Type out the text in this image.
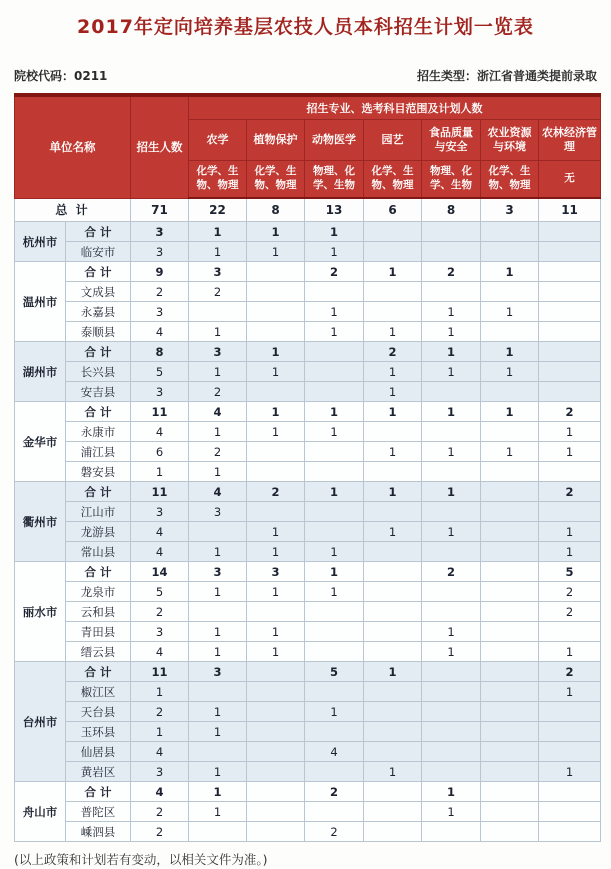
2017年定向培养基层农技人员本科招生计划一览表
院校代码：0211	招生类型：浙江省普通类提前录取
单位名称		招生人数	招生专业、选考科目范围及计划人数						
			农学	植物保护	动物医学	园艺	食品质量与安全	农业资源与环境	农林经济管理
			化学、生物、物理	化学、生物、物理	物理、化学、生物	化学、生物、物理	物理、化学、生物	化学、生物、物理	无
总 计		71	22	8	13	6	8	3	11
杭州市	合 计	3	1	1	1				
	临安市	3	1	1	1				
温州市	合 计	9	3		2	1	2	1	
	文成县	2	2						
	永嘉县	3			1		1	1	
	泰顺县	4	1		1	1	1		
湖州市	合 计	8	3	1		2	1	1	
	长兴县	5	1	1		1	1	1	
	安吉县	3	2			1			
金华市	合 计	11	4	1	1	1	1	1	2
	永康市	4	1	1	1				1
	浦江县	6	2			1	1	1	1
	磐安县	1	1						
衢州市	合 计	11	4	2	1	1	1		2
	江山市	3	3						
	龙游县	4		1		1	1		1
	常山县	4	1	1	1				1
丽水市	合 计	14	3	3	1		2		5
	龙泉市	5	1	1	1				2
	云和县	2							2
	青田县	3	1	1			1		
	缙云县	4	1	1			1		1
台州市	合 计	11	3		5	1			2
	椒江区	1							1
	天台县	2	1		1				
	玉环县	1	1						
	仙居县	4			4				
	黄岩区	3	1			1			1
舟山市	合 计	4	1		2		1		
	普陀区	2	1				1		
	嵊泗县	2			2				
(以上政策和计划若有变动，以相关文件为准。)
